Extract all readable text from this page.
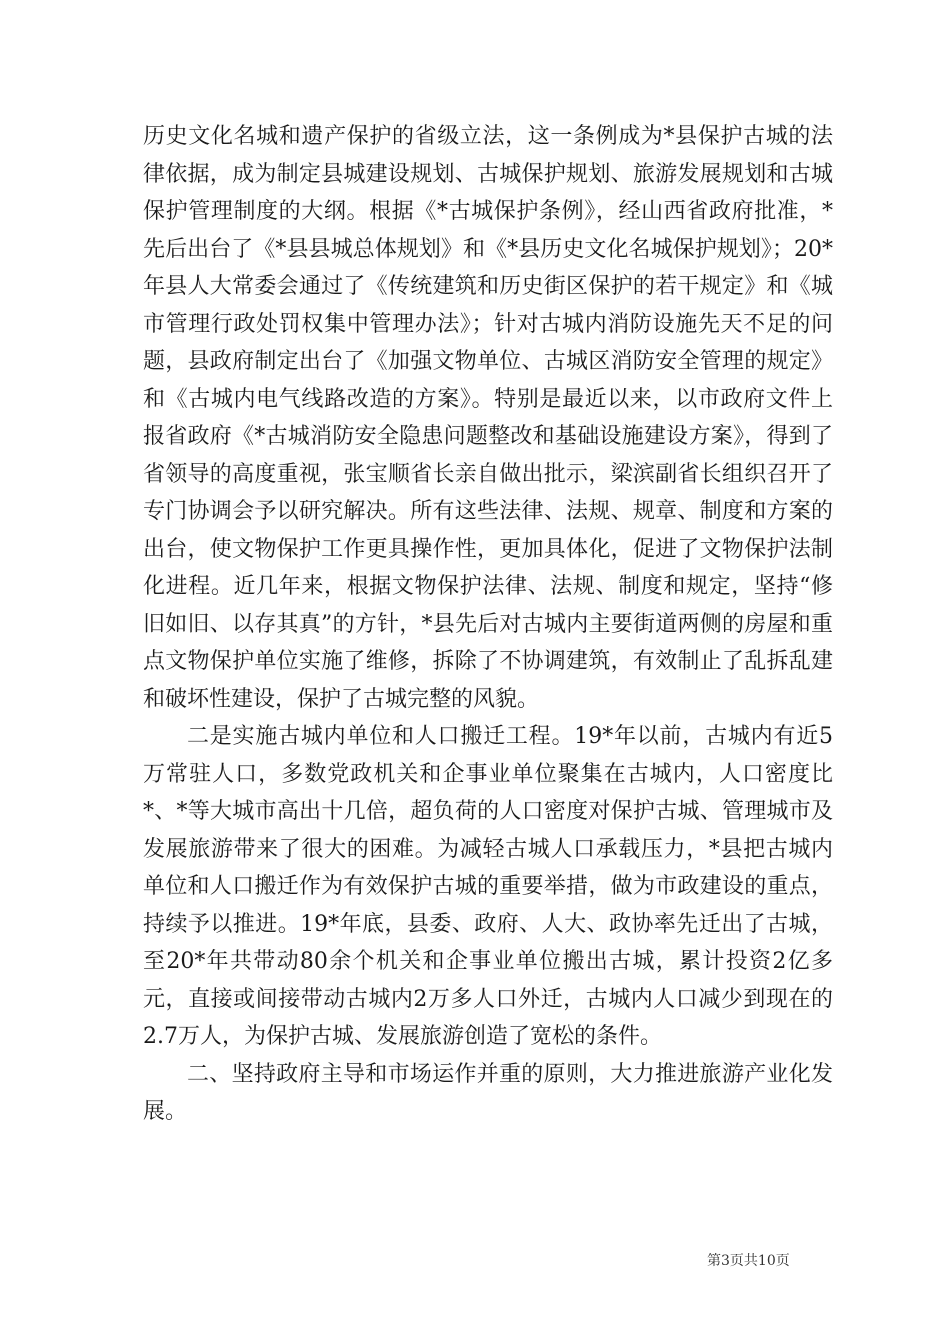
历史文化名城和遗产保护的省级立法，这一条例成为*县保护古城的法律依据，成为制定县城建设规划、古城保护规划、旅游发展规划和古城保护管理制度的大纲。根据《*古城保护条例》，经山西省政府批准，*先后出台了《*县县城总体规划》和《*县历史文化名城保护规划》；20*年县人大常委会通过了《传统建筑和历史街区保护的若干规定》和《城市管理行政处罚权集中管理办法》；针对古城内消防设施先天不足的问题，县政府制定出台了《加强文物单位、古城区消防安全管理的规定》和《古城内电气线路改造的方案》。特别是最近以来，以市政府文件上报省政府《*古城消防安全隐患问题整改和基础设施建设方案》，得到了省领导的高度重视，张宝顺省长亲自做出批示，梁滨副省长组织召开了专门协调会予以研究解决。所有这些法律、法规、规章、制度和方案的出台，使文物保护工作更具操作性，更加具体化，促进了文物保护法制化进程。近几年来，根据文物保护法律、法规、制度和规定，坚持“修旧如旧、以存其真”的方针，*县先后对古城内主要街道两侧的房屋和重点文物保护单位实施了维修，拆除了不协调建筑，有效制止了乱拆乱建和破坏性建设，保护了古城完整的风貌。

二是实施古城内单位和人口搬迁工程。19*年以前，古城内有近5万常驻人口，多数党政机关和企事业单位聚集在古城内，人口密度比*、*等大城市高出十几倍，超负荷的人口密度对保护古城、管理城市及发展旅游带来了很大的困难。为减轻古城人口承载压力，*县把古城内单位和人口搬迁作为有效保护古城的重要举措，做为市政建设的重点，持续予以推进。19*年底，县委、政府、人大、政协率先迁出了古城，至20*年共带动80余个机关和企事业单位搬出古城，累计投资2亿多元，直接或间接带动古城内2万多人口外迁，古城内人口减少到现在的2.7万人，为保护古城、发展旅游创造了宽松的条件。

二、坚持政府主导和市场运作并重的原则，大力推进旅游产业化发展。

第3页共10页
